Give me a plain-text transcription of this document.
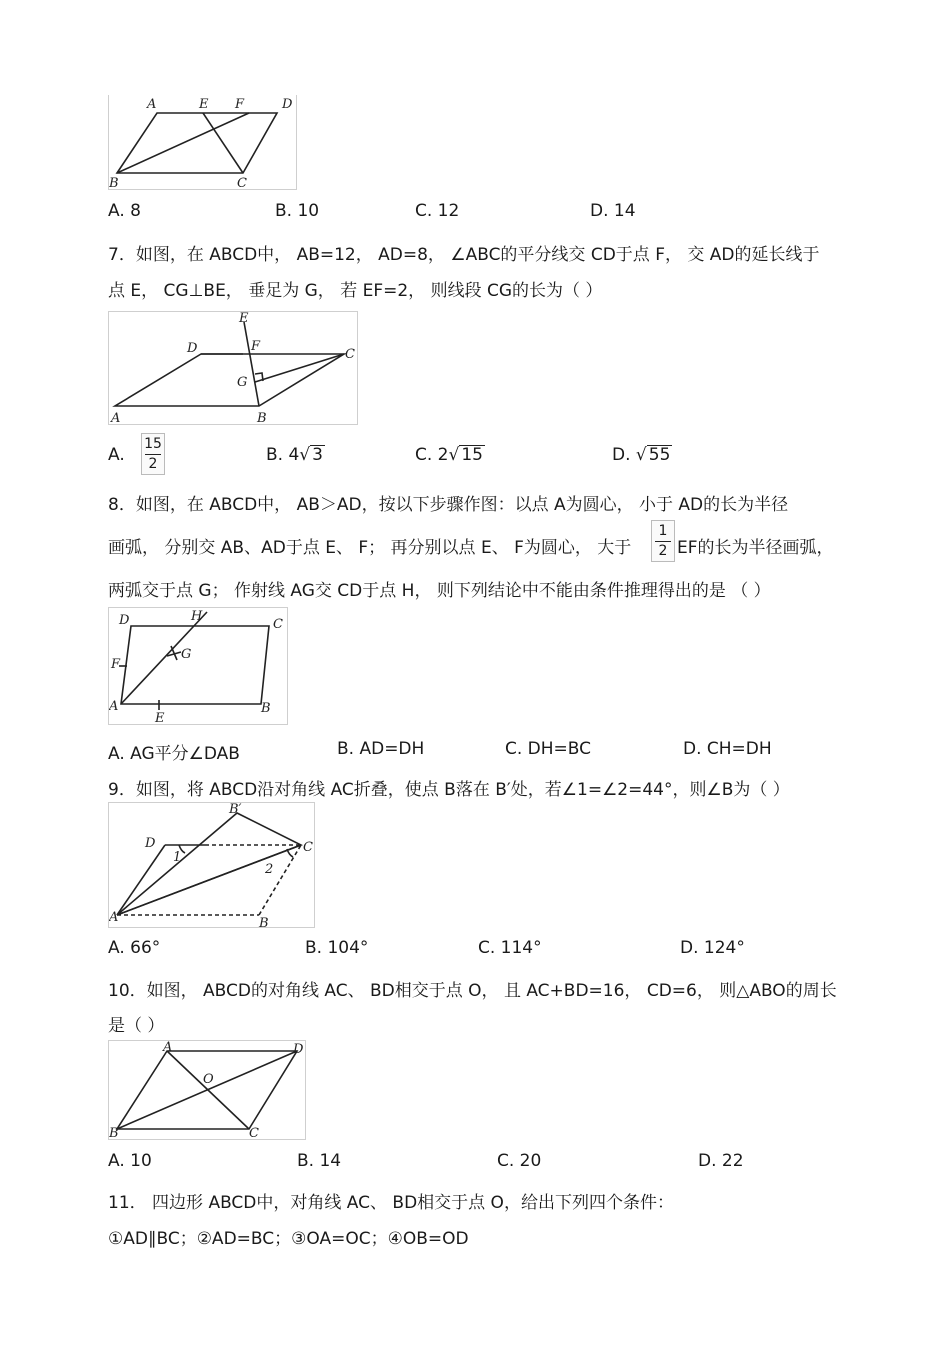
A	E F	D
B	C
A. 8	B. 10	C. 12	D. 14
7．如图，在 ABCD中， AB=12， AD=8， ∠ABC的平分线交 CD于点 F， 交 AD的延长线于
点 E， CG⊥BE， 垂足为 G， 若 EF=2， 则线段 CG的长为（ ）
E
D	F
C
G
A	B
A.
15
2	B. 4√ 3	C. 2√ 15	D. √ 55
8．如图，在 ABCD中， AB＞AD，按以下步骤作图：以点 A为圆心， 小于 AD的长为半径
画弧， 分别交 AB、AD于点 E、 F； 再分别以点 E、 F为圆心， 大于
1
2 EF的长为半径画弧，
两弧交于点 G； 作射线 AG交 CD于点 H， 则下列结论中不能由条件推理得出的是 （ ）
D	H
C
F
G
A
E
B
A. AG平分∠DAB	B. AD=DH	C. DH=BC	D. CH=DH
9．如图，将 ABCD沿对角线 AC折叠，使点 B落在 B′处，若∠1=∠2=44°，则∠B为（ ）
B′
D
1
C
2
A	B
A. 66°	B. 104°	C. 114°	D. 124°
10．如图， ABCD的对角线 AC、 BD相交于点 O， 且 AC+BD=16， CD=6， 则△ABO的周长
是（ ）
A	D
O
B	C
A. 10	B. 14	C. 20	D. 22
11． 四边形 ABCD中，对角线 AC、 BD相交于点 O，给出下列四个条件：
①AD∥BC；②AD=BC；③OA=OC；④OB=OD
